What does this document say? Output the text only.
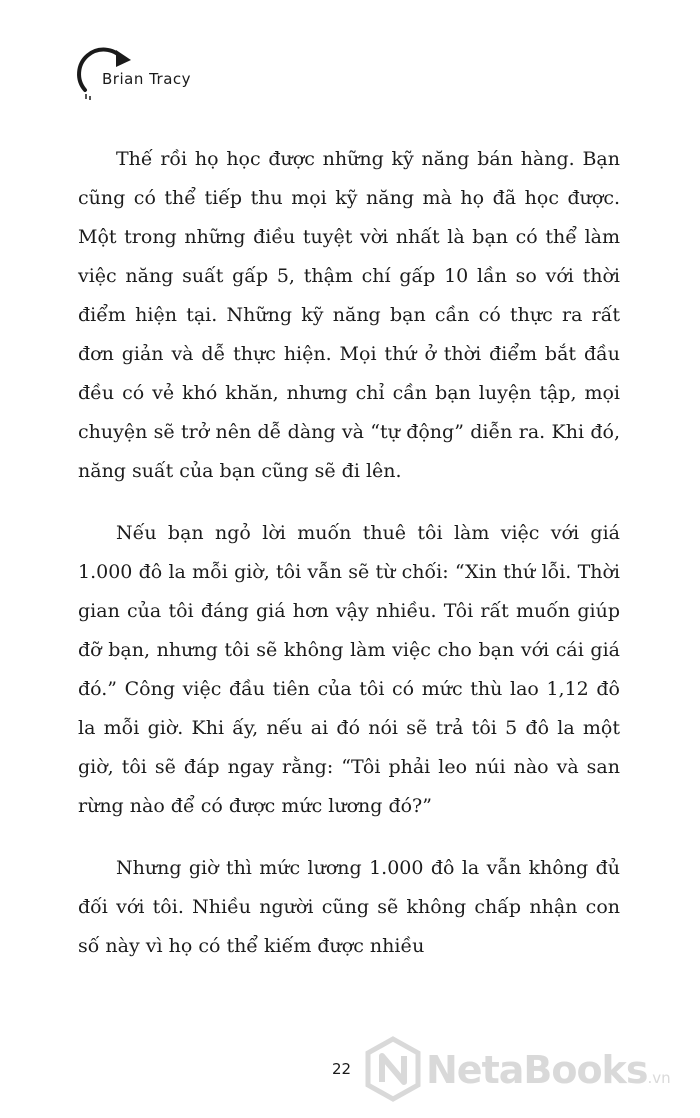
Brian Tracy

Thế rồi họ học được những kỹ năng bán hàng. Bạn cũng có thể tiếp thu mọi kỹ năng mà họ đã học được. Một trong những điều tuyệt vời nhất là bạn có thể làm việc năng suất gấp 5, thậm chí gấp 10 lần so với thời điểm hiện tại. Những kỹ năng bạn cần có thực ra rất đơn giản và dễ thực hiện. Mọi thứ ở thời điểm bắt đầu đều có vẻ khó khăn, nhưng chỉ cần bạn luyện tập, mọi chuyện sẽ trở nên dễ dàng và “tự động” diễn ra. Khi đó, năng suất của bạn cũng sẽ đi lên.

Nếu bạn ngỏ lời muốn thuê tôi làm việc với giá 1.000 đô la mỗi giờ, tôi vẫn sẽ từ chối: “Xin thứ lỗi. Thời gian của tôi đáng giá hơn vậy nhiều. Tôi rất muốn giúp đỡ bạn, nhưng tôi sẽ không làm việc cho bạn với cái giá đó.” Công việc đầu tiên của tôi có mức thù lao 1,12 đô la mỗi giờ. Khi ấy, nếu ai đó nói sẽ trả tôi 5 đô la một giờ, tôi sẽ đáp ngay rằng: “Tôi phải leo núi nào và san rừng nào để có được mức lương đó?”

Nhưng giờ thì mức lương 1.000 đô la vẫn không đủ đối với tôi. Nhiều người cũng sẽ không chấp nhận con số này vì họ có thể kiếm được nhiều

22 NetaBooks.vn
